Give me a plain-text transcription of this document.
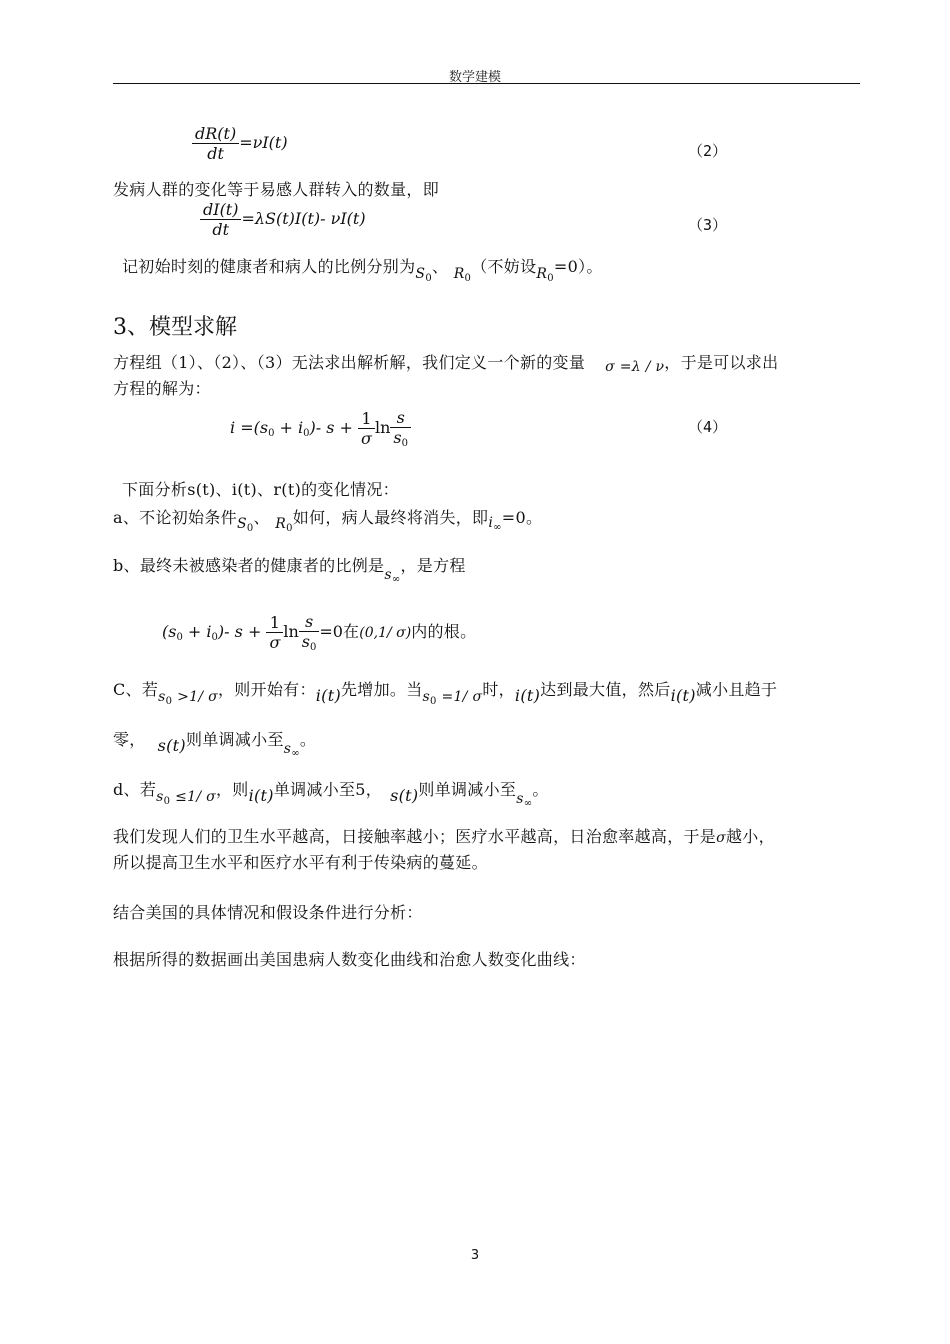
数学建模
$\frac{dR(t)}{dt} =\nu I(t)$	（2）
发病人群的变化等于易感人群转入的数量，即
$\frac{dI(t)}{dt} =\lambda S(t)I(t)-$ νI(t)	（3）
记初始时刻的健康者和病人的比例分别为$S_0$、 $R_0$（不妨设$R_0=0$）。
3、模型求解
方程组（1）、（2）、（3）无法求出解析解，我们定义一个新的变量 σ =λ / ν，于是可以求出
方程的解为：
$i =(s_0 + i_0)-$ $s + \frac{1}{\sigma}$ $\ln \frac{s}{s_0}$	（4）
下面分析s(t)、i(t)、r(t)的变化情况：
a、不论初始条件$S_0$、 $R_0$如何，病人最终将消失，即$i_\infty=0$。
b、最终未被感染者的健康者的比例是$s_\infty$，是方程
$(s_0 + i_0)-$ $s + \frac{1}{\sigma}$ $\ln \frac{s}{s_0} =0$在(0,1/ σ)内的根。
C、若$s_0 >1/$ σ，则开始有：i(t)先增加。当$s_0 =1/$ σ时，i(t)达到最大值，然后i(t)减小且趋于
零， s(t)则单调减小至$s_\infty$。
d、若$s_0 \le 1/$ σ，则i(t)单调减小至5， s(t)则单调减小至$s_\infty$。
我们发现人们的卫生水平越高，日接触率越小；医疗水平越高，日治愈率越高，于是σ越小，
所以提高卫生水平和医疗水平有利于传染病的蔓延。
结合美国的具体情况和假设条件进行分析：
根据所得的数据画出美国患病人数变化曲线和治愈人数变化曲线：
3
